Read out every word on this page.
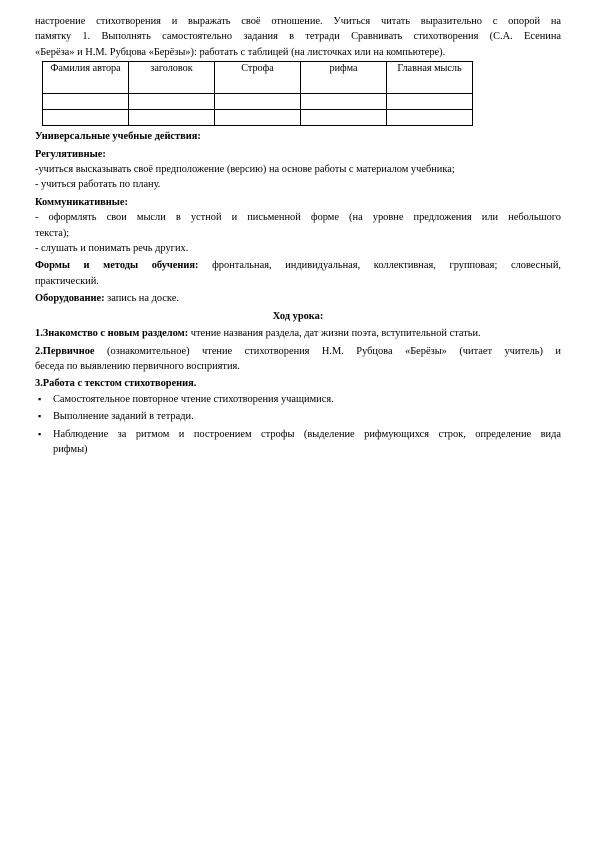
настроение стихотворения и выражать своё отношение. Учиться читать выразительно с опорой на

памятку 1. Выполнять самостоятельно задания в тетради Сравнивать стихотворения (С.А. Есенина

«Берёза» и Н.М. Рубцова «Берёзы»): работать с таблицей (на листочках или на компьютере).

Фамилия автора	заголовок	Строфа	рифма	Главная мысль

Универсальные учебные действия:

Регулятивные:

-учиться высказывать своё предположение (версию) на основе работы с материалом учебника;

- учиться работать по плану.

Коммуникативные:

- оформлять свои мысли в устной и письменной форме (на уровне предложения или небольшого

текста);

- слушать и понимать речь других.

Формы и методы обучения: фронтальная, индивидуальная, коллективная, групповая; словесный,

практический.

Оборудование: запись на доске.

Ход урока:

1.Знакомство с новым разделом: чтение названия раздела, дат жизни поэта, вступительной статьи.

2.Первичное (ознакомительное) чтение стихотворения Н.М. Рубцова «Берёзы» (читает учитель) и

беседа по выявлению первичного восприятия.

3.Работа с текстом стихотворения.

▪ Самостоятельное повторное чтение стихотворения учащимися.
▪ Выполнение заданий в тетради.
▪ Наблюдение за ритмом и построением строфы (выделение рифмующихся строк, определение вида
рифмы)
